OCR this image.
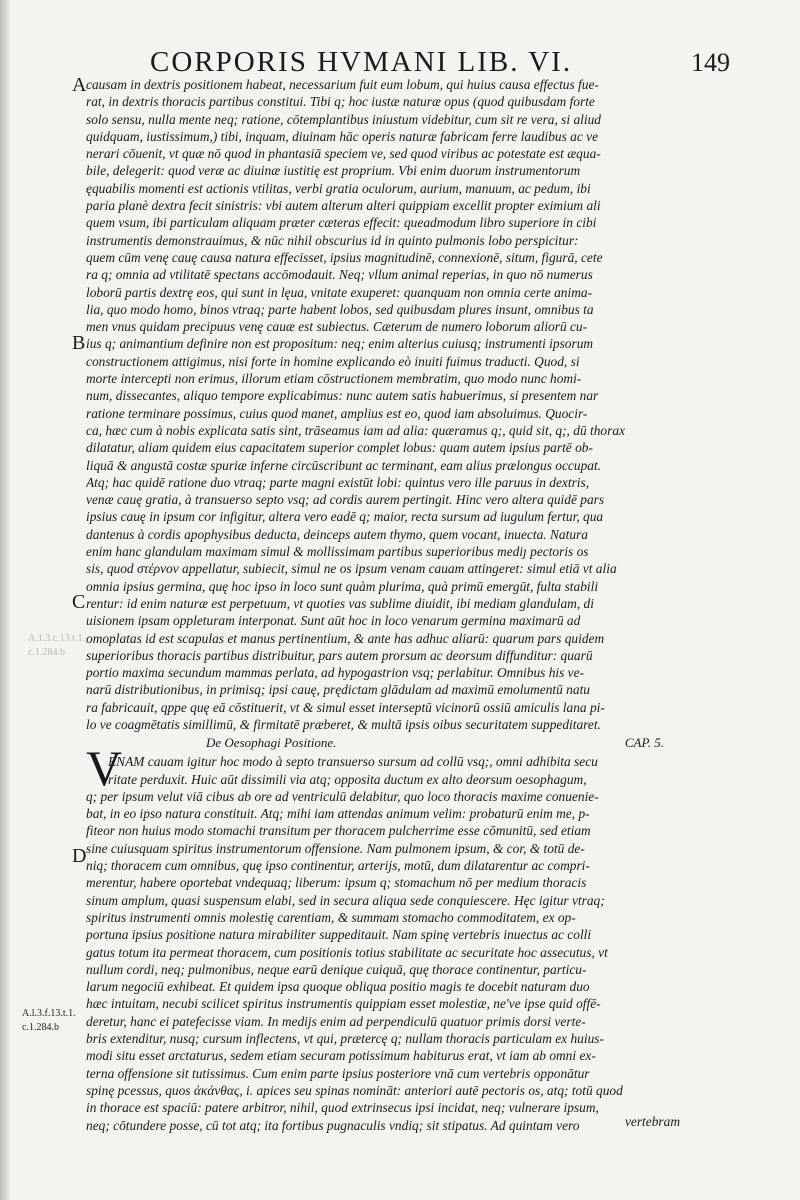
CORPORIS HVMANI LIB. VI.	149
A
B
C
D
causam in dextris positionem habeat, necessarium fuit eum lobum, qui huius causa effectus fue-
rat, in dextris thoracis partibus constitui. Tibi q; hoc iustæ naturæ opus (quod quibusdam forte
solo sensu, nulla mente neq; ratione, cōtemplantibus iniustum videbitur, cum sit re vera, si aliud
quidquam, iustissimum,) tibi, inquam, diuinam hāc operis naturæ fabricam ferre laudibus ac ve
nerari cōuenit, vt quæ nō quod in phantasiā speciem ve, sed quod viribus ac potestate est æqua-
bile, delegerit: quod veræ ac diuinæ iustitię est proprium. Vbi enim duorum instrumentorum
ęquabilis momenti est actionis vtilitas, verbi gratia oculorum, aurium, manuum, ac pedum, ibi
paria planè dextra fecit sinistris: vbi autem alterum alteri quippiam excellit propter eximium ali
quem vsum, ibi particulam aliquam præter cæteras effecit: queadmodum libro superiore in cibi
instrumentis demonstrauimus, & nūc nihil obscurius id in quinto pulmonis lobo perspicitur:
quem cūm venę cauę causa natura effecisset, ipsius magnitudinē, connexionē, situm, figurā, cete
ra q; omnia ad vtilitatē spectans accōmodauit. Neq; vllum animal reperias, in quo nō numerus
loborū partis dextrę eos, qui sunt in lęua, vnitate exuperet: quanquam non omnia certe anima-
lia, quo modo homo, binos vtraq; parte habent lobos, sed quibusdam plures insunt, omnibus ta
men vnus quidam precipuus venę cauæ est subiectus. Cæterum de numero loborum aliorū cu-
ius q; animantium definire non est propositum: neq; enim alterius cuiusq; instrumenti ipsorum
constructionem attigimus, nisi forte in homine explicando eò inuiti fuimus traducti. Quod, si
morte intercepti non erimus, illorum etiam cōstructionem membratim, quo modo nunc homi-
num, dissecantes, aliquo tempore explicabimus: nunc autem satis habuerimus, si presentem nar
ratione terminare possimus, cuius quod manet, amplius est eo, quod iam absoluimus. Quocir-
ca, hæc cum à nobis explicata satis sint, trāseamus iam ad alia: quæramus q;, quid sit, q;, dū thorax
dilatatur, aliam quidem eius capacitatem superior complet lobus: quam autem ipsius partē ob-
liquā & angustā costæ spuriæ inferne circūscribunt ac terminant, eam alius prælongus occupat.
Atq; hac quidē ratione duo vtraq; parte magni existūt lobi: quintus vero ille paruus in dextris,
venæ cauę gratia, à transuerso septo vsq; ad cordis aurem pertingit. Hinc vero altera quidē pars
ipsius cauę in ipsum cor infigitur, altera vero eadē q; maior, recta sursum ad iugulum fertur, qua
dantenus à cordis apophysibus deducta, deinceps autem thymo, quem vocant, inuecta. Natura
enim hanc glandulam maximam simul & mollissimam partibus superioribus mediȷ pectoris os
sis, quod στέρνον appellatur, subiecit, simul ne os ipsum venam cauam attingeret: simul etiā vt alia
omnia ipsius germina, quę hoc ipso in loco sunt quàm plurima, quà primū emergūt, fulta stabili
rentur: id enim naturæ est perpetuum, vt quoties vas sublime diuidit, ibi mediam glandulam, di
uisionem ipsam oppleturam interponat. Sunt aūt hoc in loco venarum germina maximarū ad
omoplatas id est scapulas et manus pertinentium, & ante has adhuc aliarū: quarum pars quidem
superioribus thoracis partibus distribuitur, pars autem prorsum ac deorsum diffunditur: quarū
portio maxima secundum mammas perlata, ad hypogastrion vsq; perlabitur. Omnibus his ve-
narū distributionibus, in primisq; ipsi cauę, prędictam glādulam ad maximū emolumentū natu
ra fabricauit, qppe quę eā cōstituerit, vt & simul esset interseptū vicinorū ossiū amiculis lana pi-
lo ve coagmētatis simillimū, & firmitatē præberet, & multā ipsis oibus securitatem suppeditaret.
De Oesophagi Positione.	CAP. 5.
ENAM cauam igitur hoc modo à septo transuerso sursum ad collū vsq;, omni adhibita secu
ritate perduxit. Huic aūt dissimili via atq; opposita ductum ex alto deorsum oesophagum,
q; per ipsum velut viā cibus ab ore ad ventriculū delabitur, quo loco thoracis maxime conuenie-
bat, in eo ipso natura constituit. Atq; mihi iam attendas animum velim: probaturū enim me, p-
fiteor non huius modo stomachi transitum per thoracem pulcherrime esse cōmunitū, sed etiam
sine cuiusquam spiritus instrumentorum offensione. Nam pulmonem ipsum, & cor, & totū de-
niq; thoracem cum omnibus, quę ipso continentur, arterijs, motū, dum dilatarentur ac compri-
merentur, habere oportebat vndequaq; liberum: ipsum q; stomachum nō per medium thoracis
sinum amplum, quasi suspensum elabi, sed in secura aliqua sede conquiescere. Hęc igitur vtraq;
spiritus instrumenti omnis molestię carentiam, & summam stomacho commoditatem, ex op-
portuna ipsius positione natura mirabiliter suppeditauit. Nam spinę vertebris inuectus ac colli
gatus totum ita permeat thoracem, cum positionis totius stabilitate ac securitate hoc assecutus, vt
nullum cordi, neq; pulmonibus, neque earū denique cuiquā, quę thorace continentur, particu-
larum negociū exhibeat. Et quidem ipsa quoque obliqua positio magis te docebit naturam duo
hæc intuitam, necubi scilicet spiritus instrumentis quippiam esset molestiæ, ne've ipse quid offē-
deretur, hanc ei patefecisse viam. In medijs enim ad perpendiculū quatuor primis dorsi verte-
bris extenditur, nusq; cursum inflectens, vt qui, prætercę q; nullam thoracis particulam ex huius-
modi situ esset arctaturus, sedem etiam securam potissimum habiturus erat, vt iam ab omni ex-
terna offensione sit tutissimus. Cum enim parte ipsius posteriore vnā cum vertebris opponātur
spinę pcessus, quos ἀκάνθας, i. apices seu spinas nomināt: anteriori autē pectoris os, atq; totū quod
in thorace est spaciū: patere arbitror, nihil, quod extrinsecus ipsi incidat, neq; vulnerare ipsum,
neq; cōtundere posse, cū tot atq; ita fortibus pugnaculis vndiq; sit stipatus. Ad quintam vero
V
A.1.3.c.13.t.1.
c.1.284.b
A.l.3.f.13.t.1.
c.1.284.b
vertebram
